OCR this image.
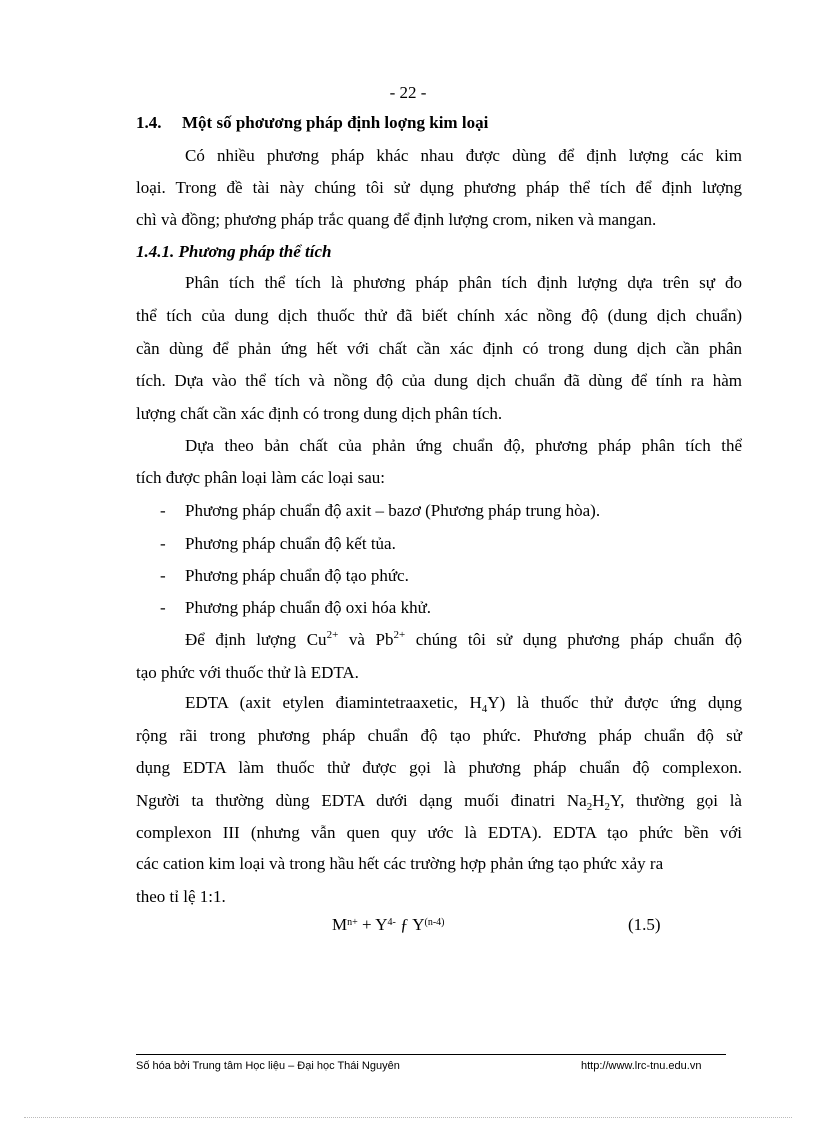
- 22 -
1.4. Một số phơương pháp định loợng kim loại
Có nhiều phương pháp khác nhau được dùng để định lượng các kim
loại. Trong đề tài này chúng tôi sử dụng phương pháp thể tích để định lượng
chì và đồng; phương pháp trắc quang để định lượng crom, niken và mangan.
1.4.1. Phương pháp thể tích
Phân tích thể tích là phương pháp phân tích định lượng dựa trên sự đo
thể tích của dung dịch thuốc thử đã biết chính xác nồng độ (dung dịch chuẩn)
cần dùng để phản ứng hết với chất cần xác định có trong dung dịch cần phân
tích. Dựa vào thể tích và nồng độ của dung dịch chuẩn đã dùng để tính ra hàm
lượng chất cần xác định có trong dung dịch phân tích.
Dựa theo bản chất của phản ứng chuẩn độ, phương pháp phân tích thể
tích được phân loại làm các loại sau:
- Phương pháp chuẩn độ axit – bazơ (Phương pháp trung hòa).
- Phương pháp chuẩn độ kết tủa.
- Phương pháp chuẩn độ tạo phức.
- Phương pháp chuẩn độ oxi hóa khử.
Để định lượng $Cu^{2+}$ và $Pb^{2+}$ chúng tôi sử dụng phương pháp chuẩn độ
tạo phức với thuốc thử là EDTA.
EDTA (axit etylen điamintetraaxetic, $H_4Y$) là thuốc thử được ứng dụng
rộng rãi trong phương pháp chuẩn độ tạo phức. Phương pháp chuẩn độ sử
dụng EDTA làm thuốc thử được gọi là phương pháp chuẩn độ complexon.
Người ta thường dùng EDTA dưới dạng muối đinatri $Na_2H_2Y$, thường gọi là
complexon III (nhưng vẫn quen quy ước là EDTA). EDTA tạo phức bền với
các cation kim loại và trong hầu hết các trường hợp phản ứng tạo phức xảy ra
theo tỉ lệ 1:1.
$M^{n+} + Y^{4-}$ ƒ $Y^{(n-4)}$	(1.5)
Số hóa bởi Trung tâm Học liệu – Đại học Thái Nguyên	http://www.lrc-tnu.edu.vn
